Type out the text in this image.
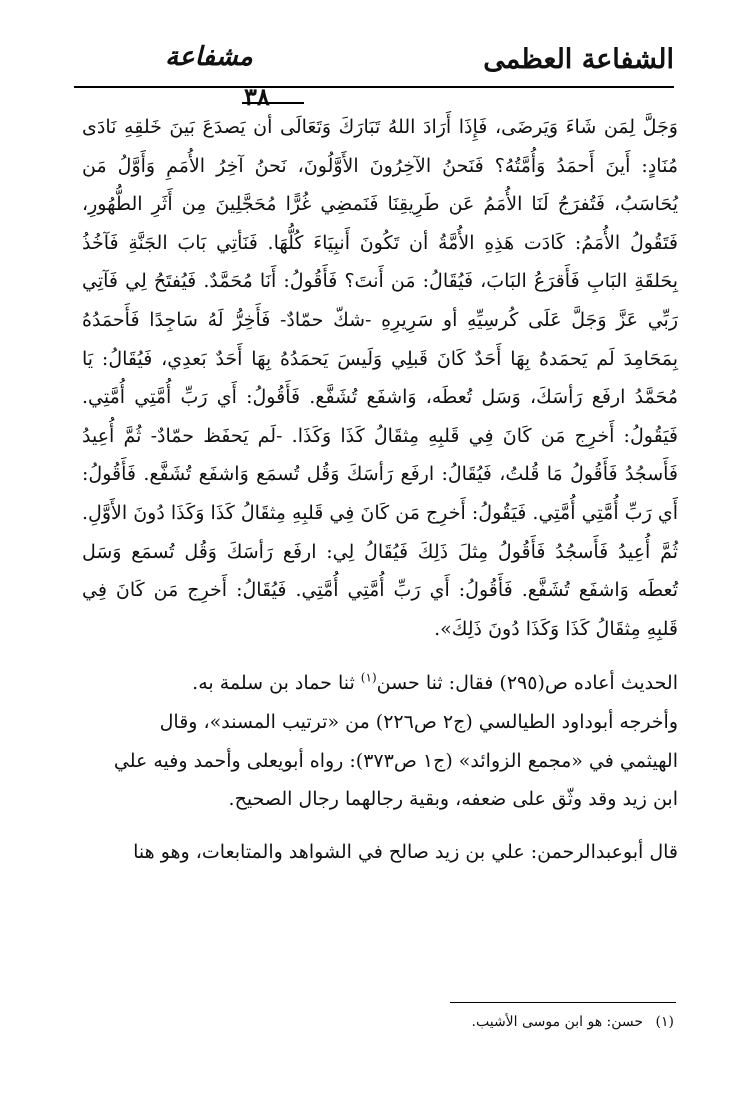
الشفاعة العظمى
مشفاعة
٣٨

وَجَلَّ لِمَن شَاءَ وَيَرضَى، فَإِذَا أَرَادَ اللهُ تَبَارَكَ وَتَعَالَى أن يَصدَعَ بَينَ خَلقِهِ نَادَى مُنَادٍ: أَينَ أَحمَدُ وَأُمَّتُهُ؟ فَنَحنُ الآخِرُونَ الأَوَّلُونَ، نَحنُ آخِرُ الأُمَمِ وَأَوَّلُ مَن يُحَاسَبُ، فَتُفرَجُ لَنَا الأُمَمُ عَن طَرِيقِنَا فَنَمضِي غُرًّا مُحَجَّلِينَ مِن أَثَرِ الطُّهُورِ، فَتَقُولُ الأُمَمُ: كَادَت هَذِهِ الأُمَّةُ أن تَكُونَ أَنبِيَاءَ كُلُّهَا. فَنَأتِي بَابَ الجَنَّةِ فَآخُذُ بِحَلقَةِ البَابِ فَأَقرَعُ البَابَ، فَيُقَالُ: مَن أَنتَ؟ فَأَقُولُ: أَنَا مُحَمَّدٌ. فَيُفتَحُ لِي فَآتِي رَبِّي عَزَّ وَجَلَّ عَلَى كُرسِيِّهِ أو سَرِيرِهِ -شكّ حمّادٌ- فَأَخِرُّ لَهُ سَاجِدًا فَأَحمَدُهُ بِمَحَامِدَ لَم يَحمَدهُ بِهَا أَحَدٌ كَانَ قَبلِي وَلَيسَ يَحمَدُهُ بِهَا أَحَدٌ بَعدِي، فَيُقَالُ: يَا مُحَمَّدُ ارفَع رَأسَكَ، وَسَل تُعطَه، وَاشفَع تُشَفَّع. فَأَقُولُ: أَي رَبِّ أُمَّتِي أُمَّتِي. فَيَقُولُ: أَخرِج مَن كَانَ فِي قَلبِهِ مِثقَالُ كَذَا وَكَذَا. -لَم يَحفَظ حمّادٌ- ثُمَّ أُعِيدُ فَأَسجُدُ فَأَقُولُ مَا قُلتُ، فَيُقَالُ: ارفَع رَأسَكَ وَقُل تُسمَع وَاشفَع تُشَفَّع. فَأَقُولُ: أَي رَبِّ أُمَّتِي أُمَّتِي. فَيَقُولُ: أَخرِج مَن كَانَ فِي قَلبِهِ مِثقَالُ كَذَا وَكَذَا دُونَ الأَوَّلِ. ثُمَّ أُعِيدُ فَأَسجُدُ فَأَقُولُ مِثلَ ذَلِكَ فَيُقَالُ لِي: ارفَع رَأسَكَ وَقُل تُسمَع وَسَل تُعطَه وَاشفَع تُشَفَّع. فَأَقُولُ: أَي رَبِّ أُمَّتِي أُمَّتِي. فَيُقَالُ: أَخرِج مَن كَانَ فِي قَلبِهِ مِثقَالُ كَذَا وَكَذَا دُونَ ذَلِكَ».

الحديث أعاده ص(٢٩٥) فقال: ثنا حسن$^{(١)}$ ثنا حماد بن سلمة به.

وأخرجه أبوداود الطيالسي (ج٢ ص٢٢٦) من «ترتيب المسند»، وقال

الهيثمي في «مجمع الزوائد» (ج١ ص٣٧٣): رواه أبويعلى وأحمد وفيه علي

ابن زيد وقد وثّق على ضعفه، وبقية رجالهما رجال الصحيح.

قال أبوعبدالرحمن: علي بن زيد صالح في الشواهد والمتابعات، وهو هنا

(١) حسن: هو ابن موسى الأشيب.
